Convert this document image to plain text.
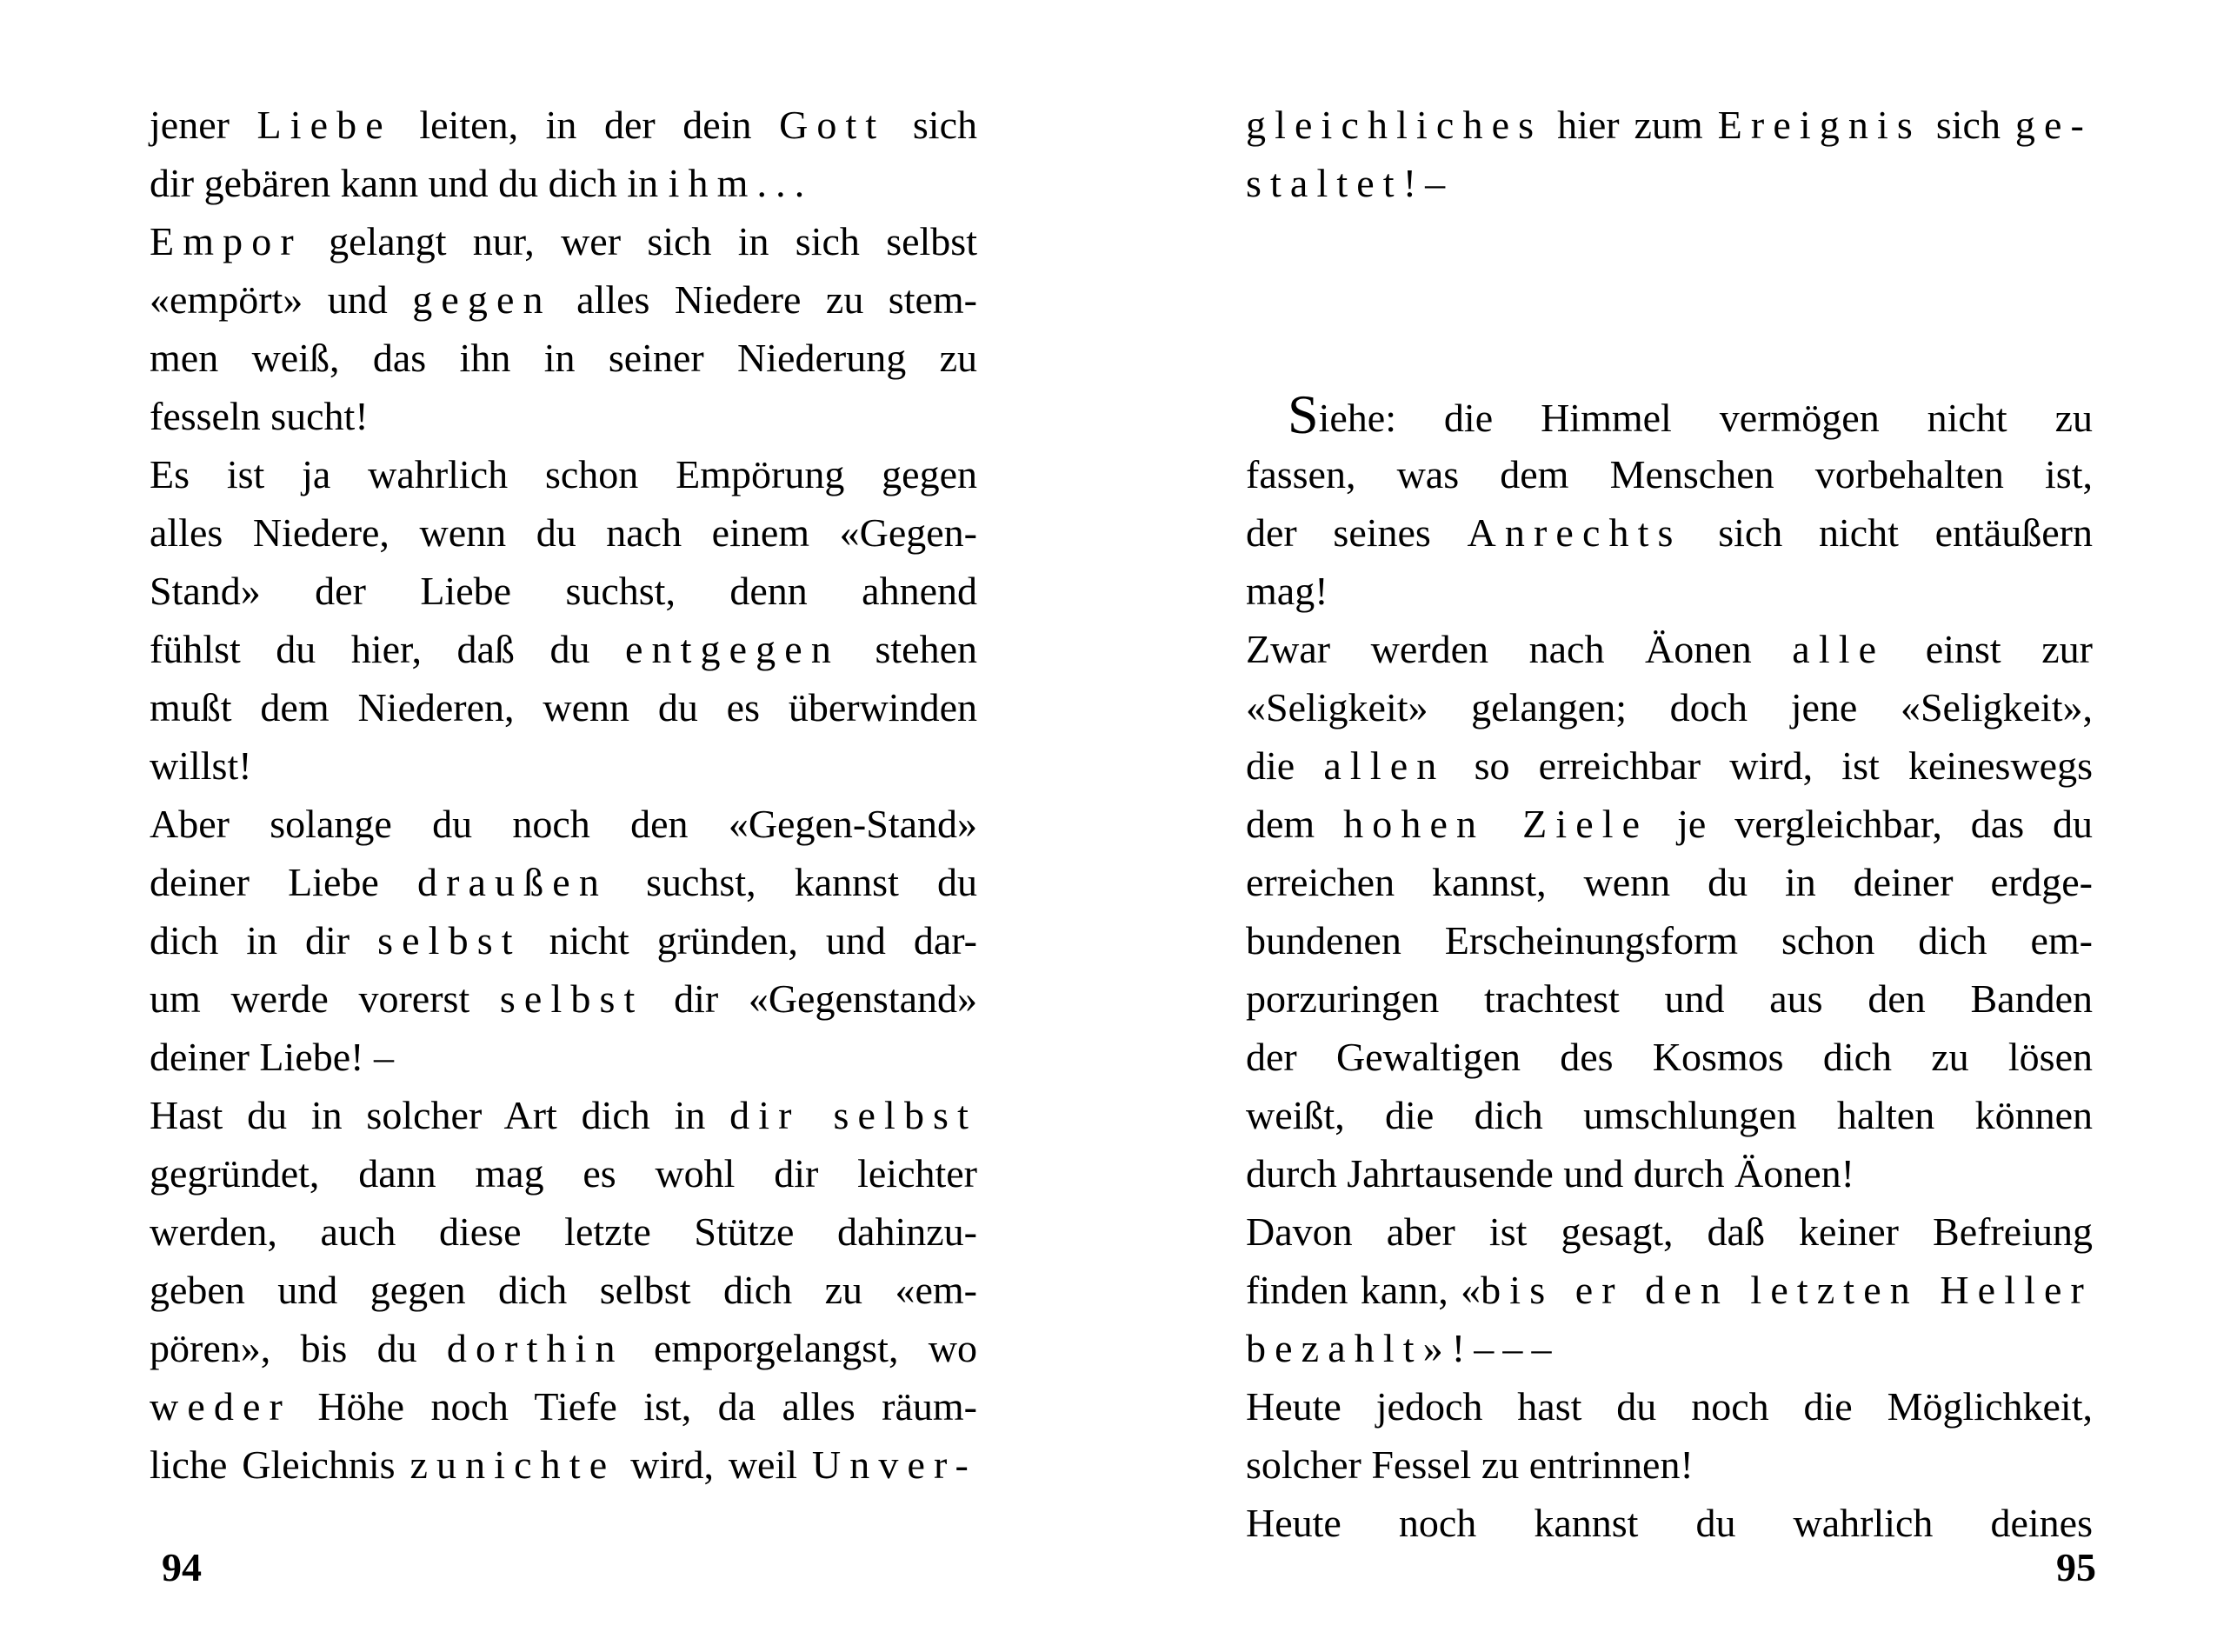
jener Liebe leiten, in der dein Gott sich
dir gebären kann und du dich in ihm...
Empor gelangt nur, wer sich in sich selbst
«empört» und gegen alles Niedere zu stem-
men weiß, das ihn in seiner Niederung zu
fesseln sucht!
Es ist ja wahrlich schon Empörung gegen
alles Niedere, wenn du nach einem «Gegen-
Stand» der Liebe suchst, denn ahnend
fühlst du hier, daß du entgegen stehen
mußt dem Niederen, wenn du es überwinden
willst!
Aber solange du noch den «Gegen-Stand»
deiner Liebe draußen suchst, kannst du
dich in dir selbst nicht gründen, und dar-
um werde vorerst selbst dir «Gegenstand»
deiner Liebe! –
Hast du in solcher Art dich in dir selbst
gegründet, dann mag es wohl dir leichter
werden, auch diese letzte Stütze dahinzu-
geben und gegen dich selbst dich zu «em-
pören», bis du dorthin emporgelangst, wo
weder Höhe noch Tiefe ist, da alles räum-
liche Gleichnis zunichte wird, weil Unver-
94
gleichliches hier zum Ereignis sich ge-
staltet!–
Siehe: die Himmel vermögen nicht zu
fassen, was dem Menschen vorbehalten ist,
der seines Anrechts sich nicht entäußern
mag!
Zwar werden nach Äonen alle einst zur
«Seligkeit» gelangen; doch jene «Seligkeit»,
die allen so erreichbar wird, ist keineswegs
dem hohen Ziele je vergleichbar, das du
erreichen kannst, wenn du in deiner erdge-
bundenen Erscheinungsform schon dich em-
porzuringen trachtest und aus den Banden
der Gewaltigen des Kosmos dich zu lösen
weißt, die dich umschlungen halten können
durch Jahrtausende und durch Äonen!
Davon aber ist gesagt, daß keiner Befreiung
finden kann, «bis er den letzten Heller
bezahlt»!–––
Heute jedoch hast du noch die Möglichkeit,
solcher Fessel zu entrinnen!
Heute noch kannst du wahrlich deines
95
